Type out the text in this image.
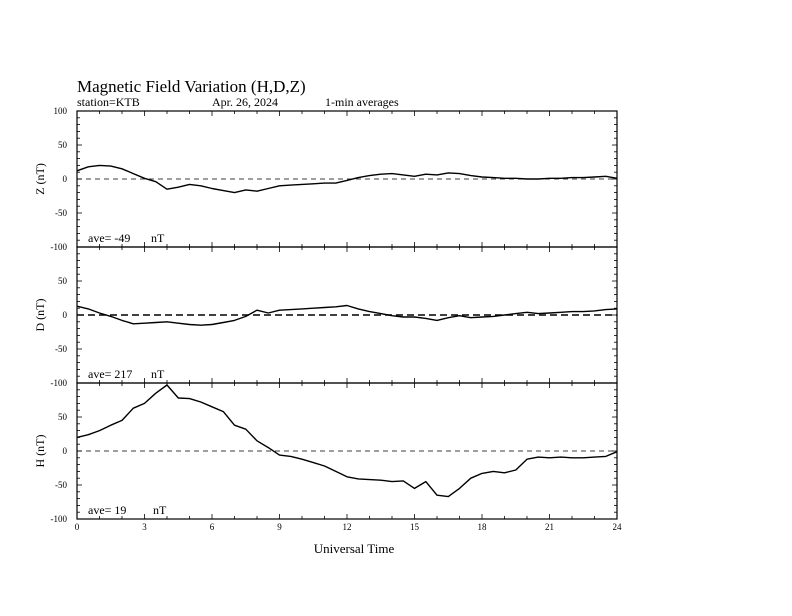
Magnetic Field Variation (H,D,Z)
station=KTB	Apr. 26, 2024	1-min averages
100
50
0
-50
-100
Z (nT)
ave= -49 nT
50
0
-50
-100
D (nT)
ave= 217 nT
50
0
-50
-100
H (nT)
ave= 19 nT
0	3	6	9	12	15	18	21	24
Universal Time
